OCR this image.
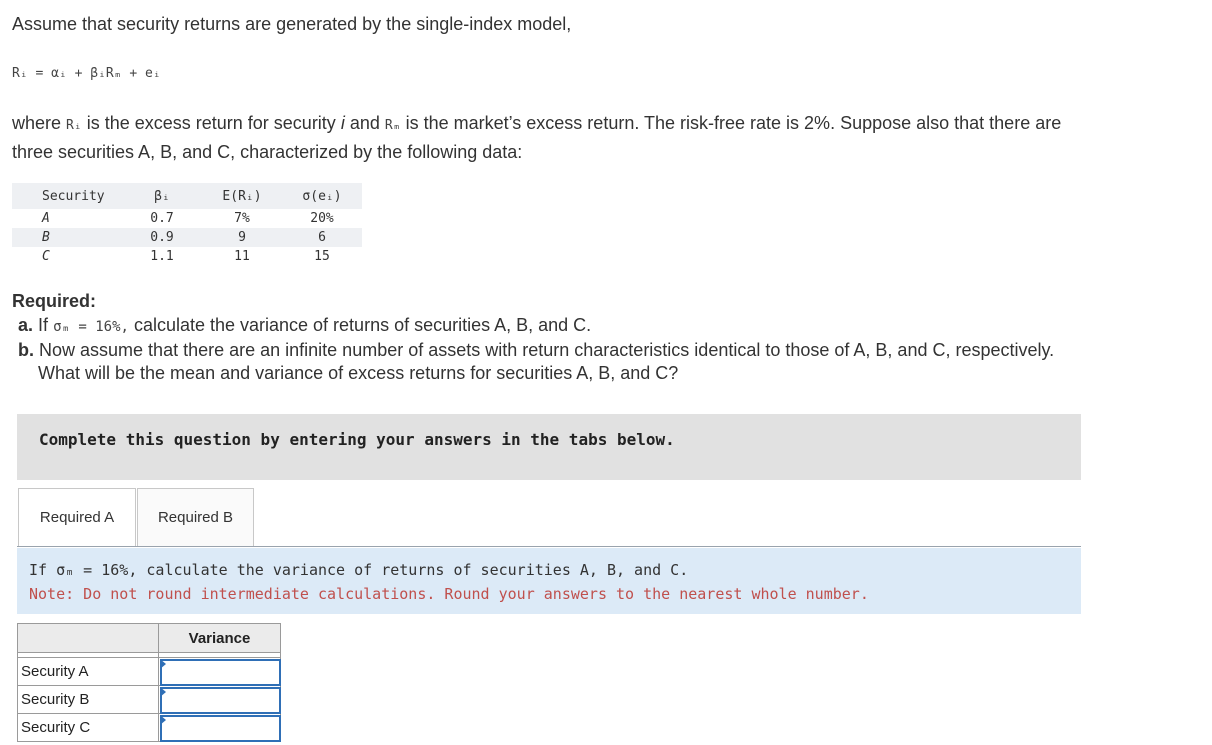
Assume that security returns are generated by the single-index model,
Rᵢ = αᵢ + βᵢRₘ + eᵢ
where Rᵢ is the excess return for security i and Rₘ is the market’s excess return. The risk-free rate is 2%. Suppose also that there are
three securities A, B, and C, characterized by the following data:
Security	βᵢ	E(Rᵢ)	σ(eᵢ)
A	0.7	7%	20%
B	0.9	9	6
C	1.1	11	15
Required:
a. If σₘ = 16%, calculate the variance of returns of securities A, B, and C.
b. Now assume that there are an infinite number of assets with return characteristics identical to those of A, B, and C, respectively.
What will be the mean and variance of excess returns for securities A, B, and C?
Complete this question by entering your answers in the tabs below.
Required A	Required B
If σₘ = 16%, calculate the variance of returns of securities A, B, and C.
Note: Do not round intermediate calculations. Round your answers to the nearest whole number.
	Variance

Security A	

Security B	

Security C	
